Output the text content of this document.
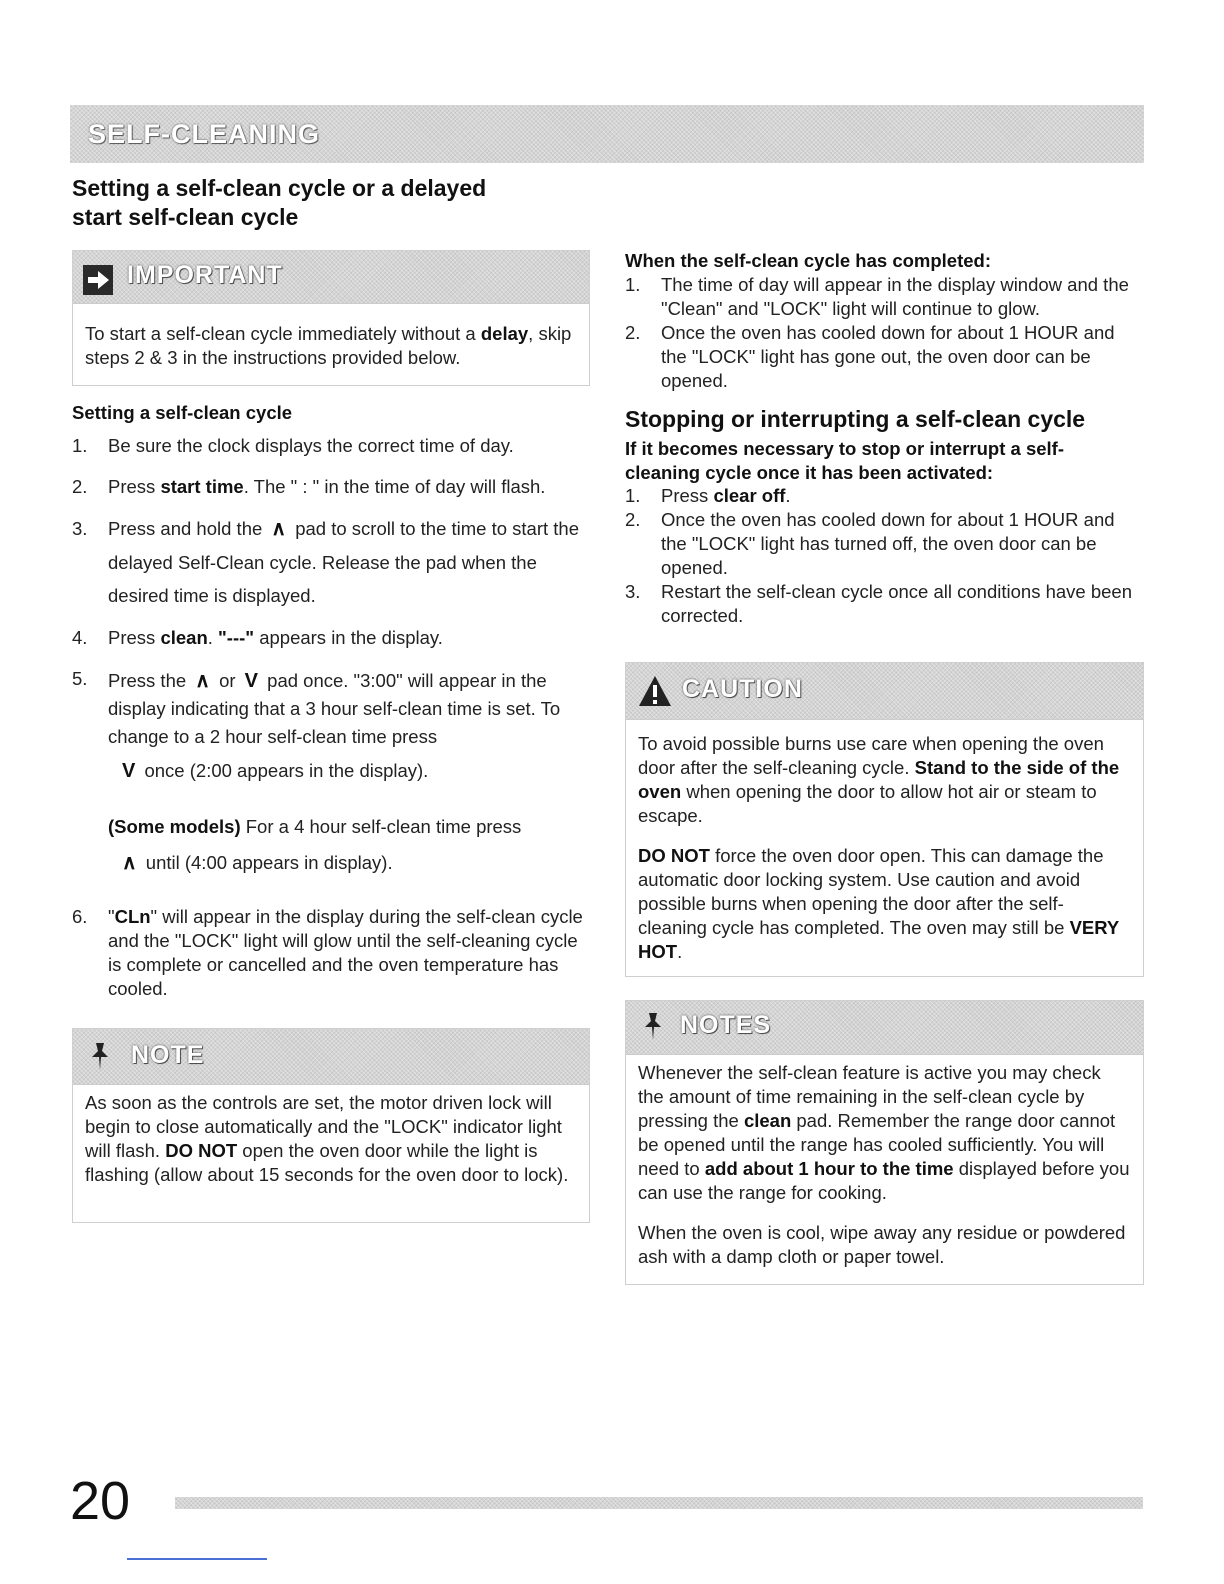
SELF-CLEANING
Setting a self-clean cycle or a delayed
start self-clean cycle
IMPORTANT
To start a self-clean cycle immediately without a delay, skip steps 2 & 3 in the instructions provided below.
Setting a self-clean cycle
1. Be sure the clock displays the correct time of day.
2. Press start time. The " : " in the time of day will flash.
3. Press and hold the ∧ pad to scroll to the time to start the delayed Self-Clean cycle. Release the pad when the desired time is displayed.
4. Press clean. "---" appears in the display.
5. Press the ∧ or V pad once. "3:00" will appear in the display indicating that a 3 hour self-clean time is set. To change to a 2 hour self-clean time press
V once (2:00 appears in the display).
(Some models) For a 4 hour self-clean time press
∧ until (4:00 appears in display).
6. "CLn" will appear in the display during the self-clean cycle and the "LOCK" light will glow until the self-cleaning cycle is complete or cancelled and the oven temperature has cooled.
NOTE
As soon as the controls are set, the motor driven lock will begin to close automatically and the "LOCK" indicator light will flash. DO NOT open the oven door while the light is flashing (allow about 15 seconds for the oven door to lock).
When the self-clean cycle has completed:
1. The time of day will appear in the display window and the "Clean" and "LOCK" light will continue to glow.
2. Once the oven has cooled down for about 1 HOUR and the "LOCK" light has gone out, the oven door can be opened.
Stopping or interrupting a self-clean cycle
If it becomes necessary to stop or interrupt a self-cleaning cycle once it has been activated:
1. Press clear off.
2. Once the oven has cooled down for about 1 HOUR and the "LOCK" light has turned off, the oven door can be opened.
3. Restart the self-clean cycle once all conditions have been corrected.
CAUTION

To avoid possible burns use care when opening the oven door after the self-cleaning cycle. Stand to the side of the oven when opening the door to allow hot air or steam to escape.

DO NOT force the oven door open. This can damage the automatic door locking system. Use caution and avoid possible burns when opening the door after the self-cleaning cycle has completed. The oven may still be VERY HOT.

NOTES

Whenever the self-clean feature is active you may check the amount of time remaining in the self-clean cycle by pressing the clean pad. Remember the range door cannot be opened until the range has cooled sufficiently. You will need to add about 1 hour to the time displayed before you can use the range for cooking.

When the oven is cool, wipe away any residue or powdered ash with a damp cloth or paper towel.

20
